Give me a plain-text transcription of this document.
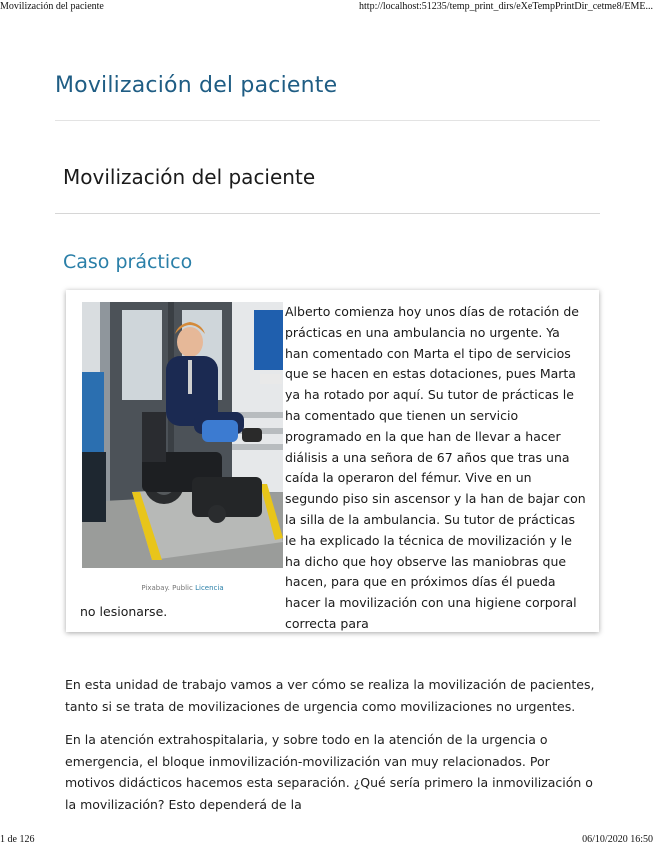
Movilización del paciente	http://localhost:51235/temp_print_dirs/eXeTempPrintDir_cetme8/EME...
Movilización del paciente
Movilización del paciente
Caso práctico
Pixabay. Public Licencia

Alberto comienza hoy unos días de rotación de prácticas en una ambulancia no urgente. Ya han comentado con Marta el tipo de servicios que se hacen en estas dotaciones, pues Marta ya ha rotado por aquí. Su tutor de prácticas le ha comentado que tienen un servicio programado en la que han de llevar a hacer diálisis a una señora de 67 años que tras una caída la operaron del fémur. Vive en un segundo piso sin ascensor y la han de bajar con la silla de la ambulancia. Su tutor de prácticas le ha explicado la técnica de movilización y le ha dicho que hoy observe las maniobras que hacen, para que en próximos días él pueda hacer la movilización con una higiene corporal correcta para

no lesionarse.

En esta unidad de trabajo vamos a ver cómo se realiza la movilización de pacientes, tanto si se trata de movilizaciones de urgencia como movilizaciones no urgentes.

En la atención extrahospitalaria, y sobre todo en la atención de la urgencia o emergencia, el bloque inmovilización-movilización van muy relacionados. Por motivos didácticos hacemos esta separación. ¿Qué sería primero la inmovilización o la movilización? Esto dependerá de la

1 de 126	06/10/2020 16:50
